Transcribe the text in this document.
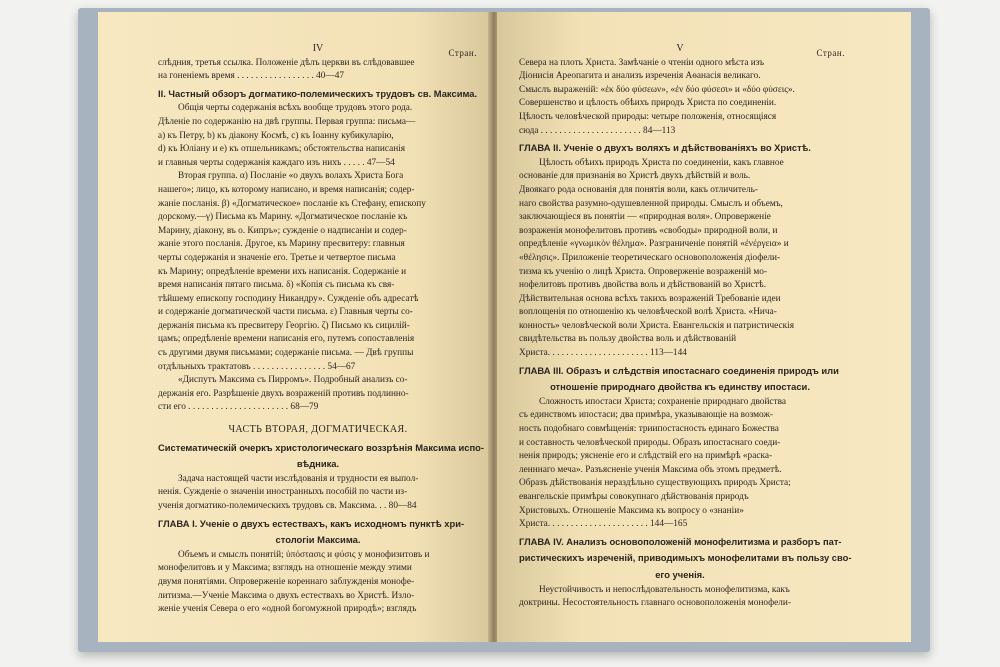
Стран.
IV
слѣдния, третья ссылка. Положеніе дѣлъ церкви въ слѣдовавшее
на гоненіемъ время . . . . . . . . . . . . . . . . . 40—47
II. Частный обзоръ догматико-полемическихъ трудовъ св. Максима.
Общія черты содержанія всѣхъ вообще трудовъ этого рода.
Дѣленіе по содержанію на двѣ группы. Первая группа: письма—
а) къ Петру, b) къ діакону Космѣ, с) къ Іоанну кубикуларію,
d) къ Юліану и е) къ отшельникамъ; обстоятельства написанія
и главныя черты содержанія каждаго изъ нихъ . . . . . 47—54
Вторая группа. α) Посланіе «о двухъ волахъ Христа Бога
нашего»; лицо, къ которому написано, и время написанія; содер-
жаніе посланія. β) «Догматическое» посланіе къ Стефану, епископу
дорскому.—γ) Письма къ Марину. «Догматическое посланіе къ
Марину, діакону, въ о. Кипръ»; сужденіе о надписаніи и содер-
жаніе этого посланія. Другое, къ Марину пресвитеру: главныя
черты содержанія и значеніе его. Третье и четвертое письма
къ Марину; опредѣленіе времени ихъ написанія. Содержаніе и
время написанія пятаго письма. δ) «Копія съ письма къ свя-
тѣйшему епископу господину Никандру». Сужденіе объ адресатѣ
и содержаніе догматической части письма. ε) Главныя черты со-
держанія письма къ пресвитеру Георгію. ζ) Письмо къ сицилій-
цамъ; опредѣленіе времени написанія его, путемъ сопоставленія
съ другими двумя письмами; содержаніе письма. — Двѣ группы
отдѣльныхъ трактатовъ . . . . . . . . . . . . . . . . 54—67
«Диспутъ Максима съ Пирромъ». Подробный анализъ со-
держанія его. Разрѣшеніе двухъ возраженій противъ подлинно-
сти его . . . . . . . . . . . . . . . . . . . . . . 68—79
ЧАСТЬ ВТОРАЯ, ДОГМАТИЧЕСКАЯ.
Систематическій очеркъ христологическаго воззрѣнія Максима испо-
вѣдника.
Задача настоящей части изслѣдованія и трудности ея выпол-
ненія. Сужденіе о значеніи иностранныхъ пособій по части из-
ученія догматико-полемическихъ трудовъ св. Максима. . . 80—84
ГЛАВА I. Ученіе о двухъ естествахъ, какъ исходномъ пунктѣ хри-
стологіи Максима.
Объемъ и смыслъ понятій; ὑπόστασις и φύσις у монофизитовъ и
монофелитовъ и у Максима; взглядъ на отношеніе между этими
двумя понятіями. Опроверженіе кореннаго заблужденія монофе-
литизма.—Ученіе Максима о двухъ естествахъ во Христѣ. Изло-
женіе ученія Севера о его «одной богомужной природѣ»; взглядъ
Стран.
V
Севера на плоть Христа. Замѣчаніе о чтеніи одного мѣста изъ
Діонисія Ареопагита и анализъ изреченія Аѳанасія великаго.
Смыслъ выраженій: «ἐκ δύο φύσεων», «ἐν δύο φύσεσι» и «δύο φύσεις».
Совершенство и цѣлость обѣихъ природъ Христа по соединеніи.
Цѣлость человѣческой природы: четыре положенія, относящіяся
сюда . . . . . . . . . . . . . . . . . . . . . . 84—113
ГЛАВА II. Ученіе о двухъ воляхъ и дѣйствованіяхъ во Христѣ.
Цѣлость обѣихъ природъ Христа по соединеніи, какъ главное
основаніе для признанія во Христѣ двухъ дѣйствій и воль.
Двоякаго рода основанія для понятія воли, какъ отличитель-
наго свойства разумно-одушевленной природы. Смыслъ и объемъ,
заключающіеся въ понятіи — «природная воля». Опроверженіе
возраженія монофелитовъ противъ «свободы» природной воли, и
опредѣленіе «γνωμικὸν θέλημα». Разграниченіе понятій «ἐνέργεια» и
«θέλησις». Приложеніе теоретическаго основоположенія діофели-
тизма къ ученію о лицѣ Христа. Опроверженіе возраженій мо-
нофелитовъ противъ двойства воль и дѣйствованій во Христѣ.
Дѣйствительная основа всѣхъ такихъ возраженій Требованіе идеи
воплощенія по отношенію къ человѣческой волѣ Христа. «Нича-
конность» человѣческой воли Христа. Евангельскія и патристическія
свидѣтельства въ пользу двойства воль и дѣйствованій
Христа. . . . . . . . . . . . . . . . . . . . . . 113—144
ГЛАВА III. Образъ и слѣдствія ипостаснаго соединенія природъ или
отношеніе природнаго двойства къ единству ипостаси.
Сложность ипостаси Христа; сохраненіе природнаго двойства
съ единствомъ ипостаси; два примѣра, указывающіе на возмож-
ность подобнаго совмѣщенія: триипостасность единаго Божества
и составность человѣческой природы. Образъ ипостаснаго соеди-
ненія природъ; уясненіе его и слѣдствій его на примѣрѣ «раска-
ленннаго меча». Разъясненіе ученія Максима объ этомъ предметѣ.
Образъ дѣйствованія нераздѣльно существующихъ природъ Христа;
евангельскіе примѣры совокупнаго дѣйствованія природъ
Христовыхъ. Отношеніе Максима къ вопросу о «знаніи»
Христа. . . . . . . . . . . . . . . . . . . . . . 144—165
ГЛАВА IV. Анализъ основоположеній монофелитизма и разборъ пат-
ристическихъ изреченій, приводимыхъ монофелитами въ пользу сво-
его ученія.
Неустойчивость и непослѣдовательность монофелитизма, какъ
доктрины. Несостоятельность главнаго основоположенія монофели-
